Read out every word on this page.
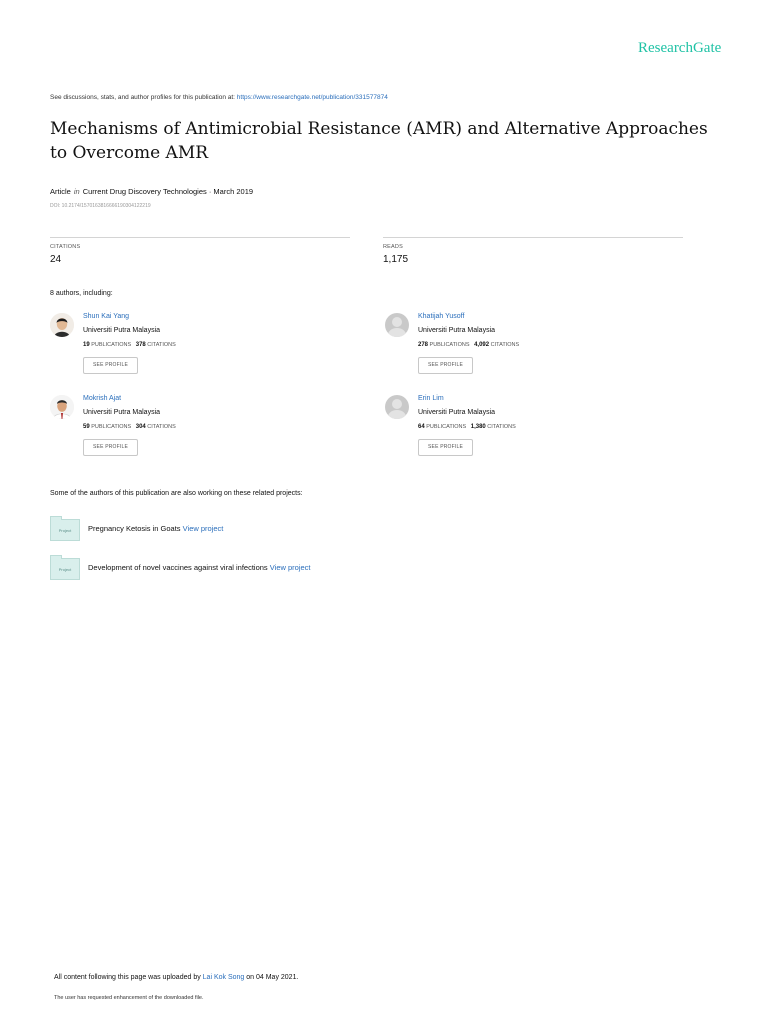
ResearchGate
See discussions, stats, and author profiles for this publication at: https://www.researchgate.net/publication/331577874
Mechanisms of Antimicrobial Resistance (AMR) and Alternative Approaches to Overcome AMR
Article in Current Drug Discovery Technologies · March 2019
DOI: 10.2174/1570163816666190304122219
CITATIONS
24
READS
1,175
8 authors, including:
Shun Kai Yang
Universiti Putra Malaysia
19 PUBLICATIONS 378 CITATIONS
SEE PROFILE
Khatijah Yusoff
Universiti Putra Malaysia
278 PUBLICATIONS 4,092 CITATIONS
SEE PROFILE
Mokrish Ajat
Universiti Putra Malaysia
59 PUBLICATIONS 304 CITATIONS
SEE PROFILE
Erin Lim
Universiti Putra Malaysia
64 PUBLICATIONS 1,380 CITATIONS
SEE PROFILE
Some of the authors of this publication are also working on these related projects:
Project	Pregnancy Ketosis in Goats View project
Project	Development of novel vaccines against viral infections View project
All content following this page was uploaded by Lai Kok Song on 04 May 2021.
The user has requested enhancement of the downloaded file.
